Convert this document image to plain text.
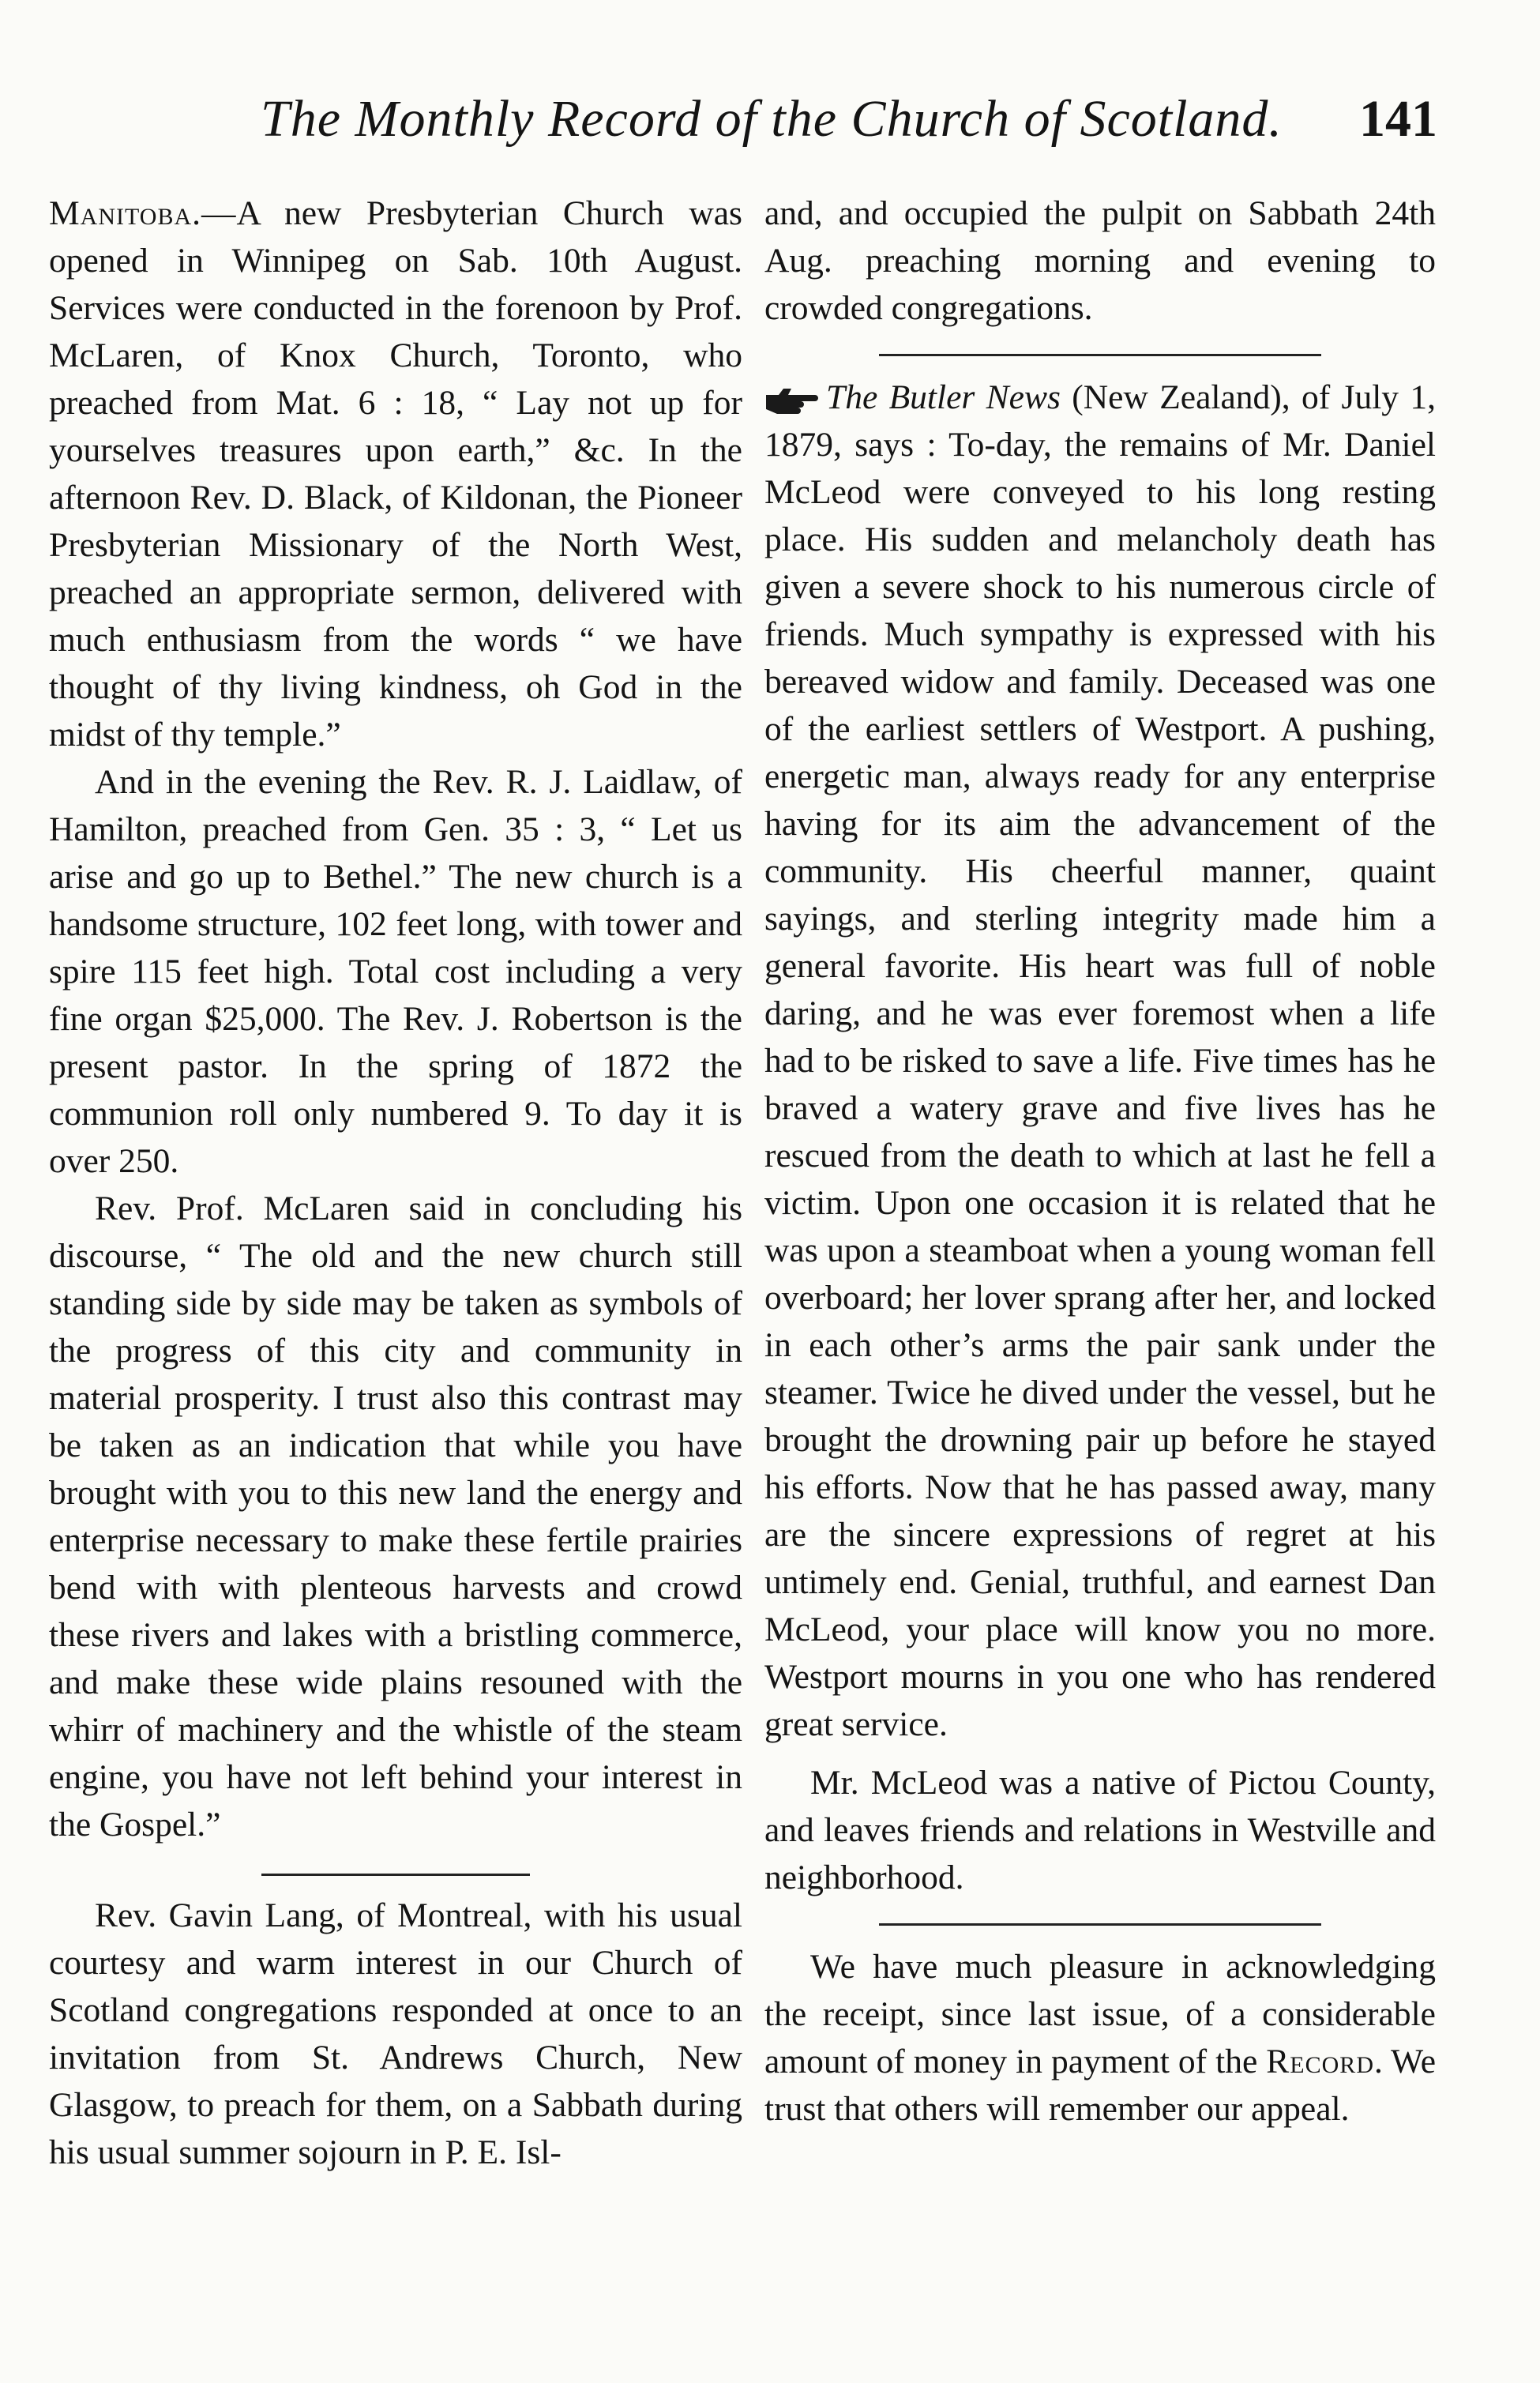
The Monthly Record of the Church of Scotland. 141

Manitoba.—A new Presbyterian Church was opened in Winnipeg on Sab. 10th August. Services were conducted in the forenoon by Prof. McLaren, of Knox Church, Toronto, who preached from Mat. 6 : 18, “ Lay not up for yourselves treasures upon earth,” &c. In the afternoon Rev. D. Black, of Kildonan, the Pioneer Presbyterian Missionary of the North West, preached an appropriate sermon, delivered with much enthusiasm from the words “ we have thought of thy living kindness, oh God in the midst of thy temple.”

And in the evening the Rev. R. J. Laidlaw, of Hamilton, preached from Gen. 35 : 3, “ Let us arise and go up to Bethel.” The new church is a handsome structure, 102 feet long, with tower and spire 115 feet high. Total cost including a very fine organ $25,000. The Rev. J. Robertson is the present pastor. In the spring of 1872 the communion roll only numbered 9. To day it is over 250.

Rev. Prof. McLaren said in concluding his discourse, “ The old and the new church still standing side by side may be taken as symbols of the progress of this city and community in material prosperity. I trust also this contrast may be taken as an indication that while you have brought with you to this new land the energy and enterprise necessary to make these fertile prairies bend with with plenteous harvests and crowd these rivers and lakes with a bristling commerce, and make these wide plains resouned with the whirr of machinery and the whistle of the steam engine, you have not left behind your interest in the Gospel.”

Rev. Gavin Lang, of Montreal, with his usual courtesy and warm interest in our Church of Scotland congregations responded at once to an invitation from St. Andrews Church, New Glasgow, to preach for them, on a Sabbath during his usual summer sojourn in P. E. Isl-

and, and occupied the pulpit on Sabbath 24th Aug. preaching morning and evening to crowded congregations.

The Butler News (New Zealand), of July 1, 1879, says : To-day, the remains of Mr. Daniel McLeod were conveyed to his long resting place. His sudden and melancholy death has given a severe shock to his numerous circle of friends. Much sympathy is expressed with his bereaved widow and family. Deceased was one of the earliest settlers of Westport. A pushing, energetic man, always ready for any enterprise having for its aim the advancement of the community. His cheerful manner, quaint sayings, and sterling integrity made him a general favorite. His heart was full of noble daring, and he was ever foremost when a life had to be risked to save a life. Five times has he braved a watery grave and five lives has he rescued from the death to which at last he fell a victim. Upon one occasion it is related that he was upon a steamboat when a young woman fell overboard; her lover sprang after her, and locked in each other’s arms the pair sank under the steamer. Twice he dived under the vessel, but he brought the drowning pair up before he stayed his efforts. Now that he has passed away, many are the sincere expressions of regret at his untimely end. Genial, truthful, and earnest Dan McLeod, your place will know you no more. Westport mourns in you one who has rendered great service.

Mr. McLeod was a native of Pictou County, and leaves friends and relations in Westville and neighborhood.

We have much pleasure in acknowledging the receipt, since last issue, of a considerable amount of money in payment of the Record. We trust that others will remember our appeal.
